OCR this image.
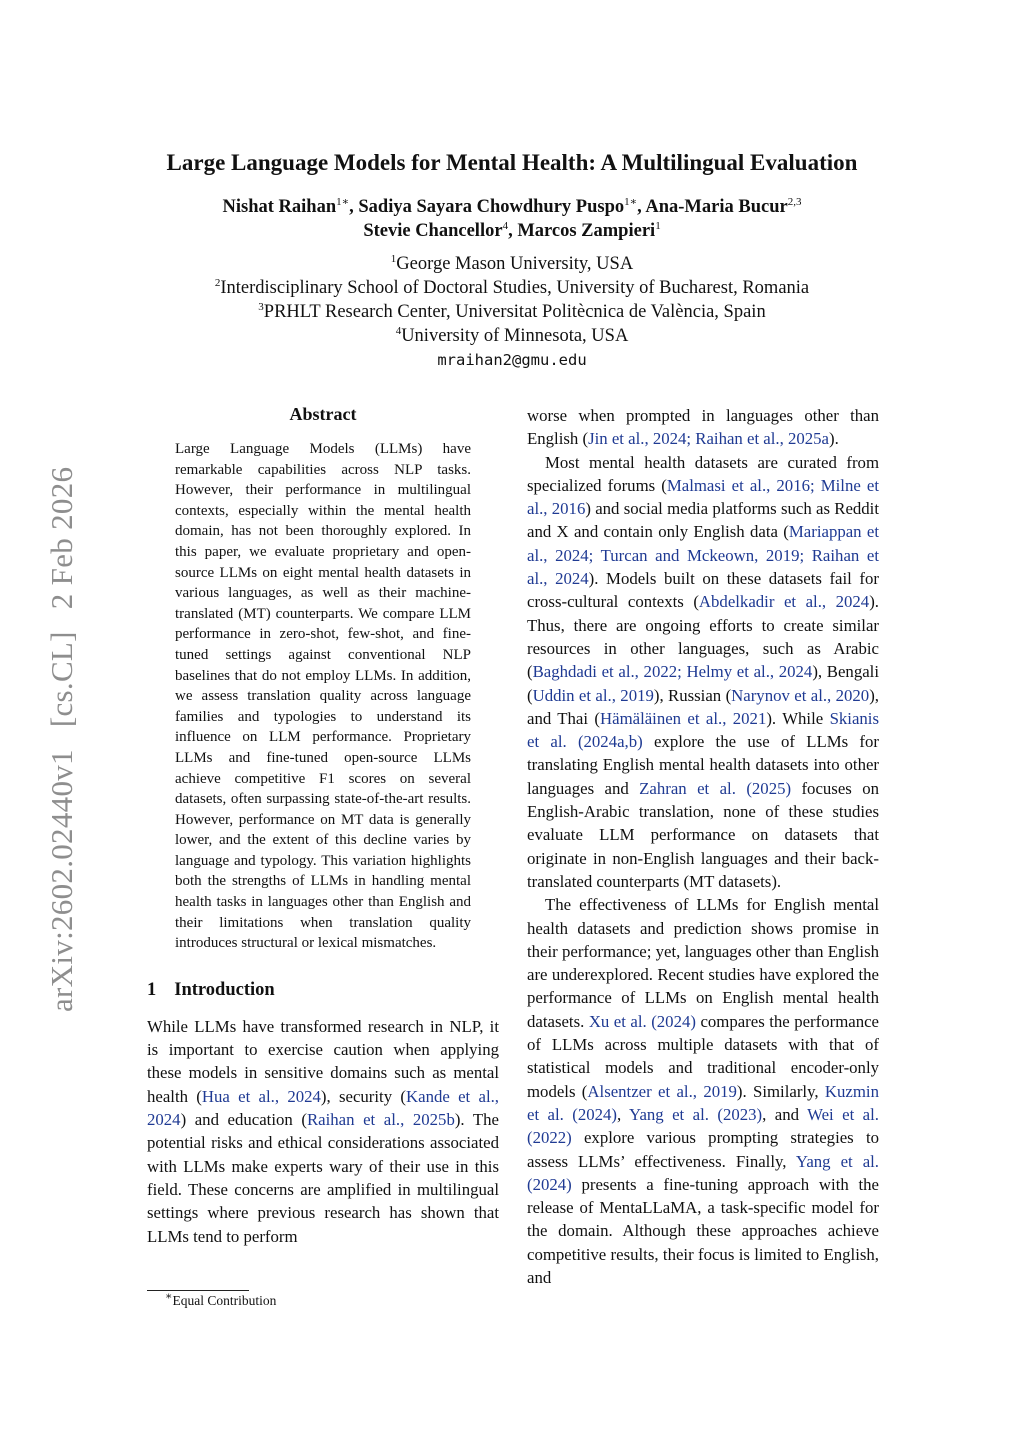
arXiv:2602.02440v1[cs.CL]2 Feb 2026
Large Language Models for Mental Health: A Multilingual Evaluation
Nishat Raihan$^{1∗}$, Sadiya Sayara Chowdhury Puspo$^{1∗}$, Ana-Maria Bucur$^{2,3}$
Stevie Chancellor$^4$, Marcos Zampieri$^1$
$^1$George Mason University, USA
$^2$Interdisciplinary School of Doctoral Studies, University of Bucharest, Romania
$^3$PRHLT Research Center, Universitat Politècnica de València, Spain
$^4$University of Minnesota, USA
mraihan2@gmu.edu
Abstract

Large Language Models (LLMs) have remarkable capabilities across NLP tasks. However, their performance in multilingual contexts, especially within the mental health domain, has not been thoroughly explored. In this paper, we evaluate proprietary and open-source LLMs on eight mental health datasets in various languages, as well as their machine-translated (MT) counterparts. We compare LLM performance in zero-shot, few-shot, and fine-tuned settings against conventional NLP baselines that do not employ LLMs. In addition, we assess translation quality across language families and typologies to understand its influence on LLM performance. Proprietary LLMs and fine-tuned open-source LLMs achieve competitive F1 scores on several datasets, often surpassing state-of-the-art results. However, performance on MT data is generally lower, and the extent of this decline varies by language and typology. This variation highlights both the strengths of LLMs in handling mental health tasks in languages other than English and their limitations when translation quality introduces structural or lexical mismatches.

1 Introduction

While LLMs have transformed research in NLP, it is important to exercise caution when applying these models in sensitive domains such as mental health (Hua et al., 2024), security (Kande et al., 2024) and education (Raihan et al., 2025b). The potential risks and ethical considerations associated with LLMs make experts wary of their use in this field. These concerns are amplified in multilingual settings where previous research has shown that LLMs tend to perform

worse when prompted in languages other than English (Jin et al., 2024; Raihan et al., 2025a).

Most mental health datasets are curated from specialized forums (Malmasi et al., 2016; Milne et al., 2016) and social media platforms such as Reddit and X and contain only English data (Mariappan et al., 2024; Turcan and Mckeown, 2019; Raihan et al., 2024). Models built on these datasets fail for cross-cultural contexts (Abdelkadir et al., 2024). Thus, there are ongoing efforts to create similar resources in other languages, such as Arabic (Baghdadi et al., 2022; Helmy et al., 2024), Bengali (Uddin et al., 2019), Russian (Narynov et al., 2020), and Thai (Hämäläinen et al., 2021). While Skianis et al. (2024a,b) explore the use of LLMs for translating English mental health datasets into other languages and Zahran et al. (2025) focuses on English-Arabic translation, none of these studies evaluate LLM performance on datasets that originate in non-English languages and their back-translated counterparts (MT datasets).

The effectiveness of LLMs for English mental health datasets and prediction shows promise in their performance; yet, languages other than English are underexplored. Recent studies have explored the performance of LLMs on English mental health datasets. Xu et al. (2024) compares the performance of LLMs across multiple datasets with that of statistical models and traditional encoder-only models (Alsentzer et al., 2019). Similarly, Kuzmin et al. (2024), Yang et al. (2023), and Wei et al. (2022) explore various prompting strategies to assess LLMs’ effectiveness. Finally, Yang et al. (2024) presents a fine-tuning approach with the release of MentaLLaMA, a task-specific model for the domain. Although these approaches achieve competitive results, their focus is limited to English, and

∗Equal Contribution
